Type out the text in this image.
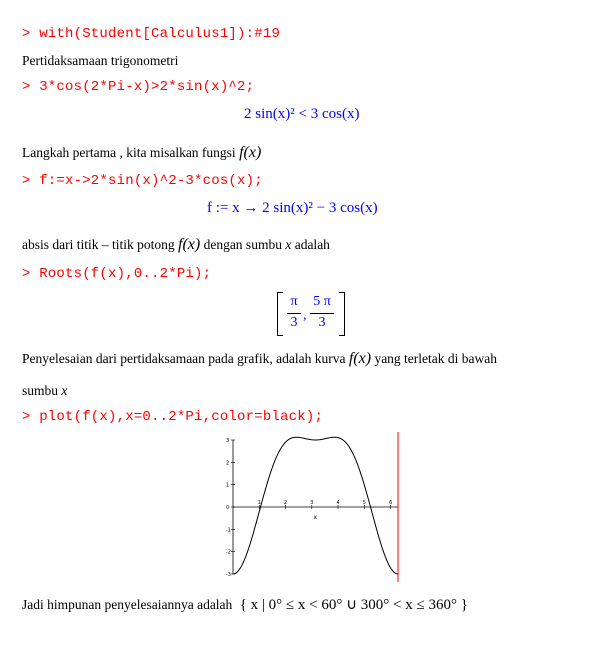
> with(Student[Calculus1]):#19
Pertidaksamaan trigonometri
> 3*cos(2*Pi-x)>2*sin(x)^2;
2 sin(x)² < 3 cos(x)
Langkah pertama , kita misalkan fungsi f(x)
> f:=x->2*sin(x)^2-3*cos(x);
f := x → 2 sin(x)² − 3 cos(x)
absis dari titik – titik potong f(x) dengan sumbu x adalah
> Roots(f(x),0..2*Pi);
π
3 ,
5 π
3
Penyelesaian dari pertidaksamaan pada grafik, adalah kurva f(x) yang terletak di bawah
sumbu x
> plot(f(x),x=0..2*Pi,color=black);
1	2	3	4	5	6
3
2
1
0
-1
-2
-3
x
Jadi himpunan penyelesaiannya adalah { x | 0° ≤ x < 60° ∪ 300° < x ≤ 360° }
